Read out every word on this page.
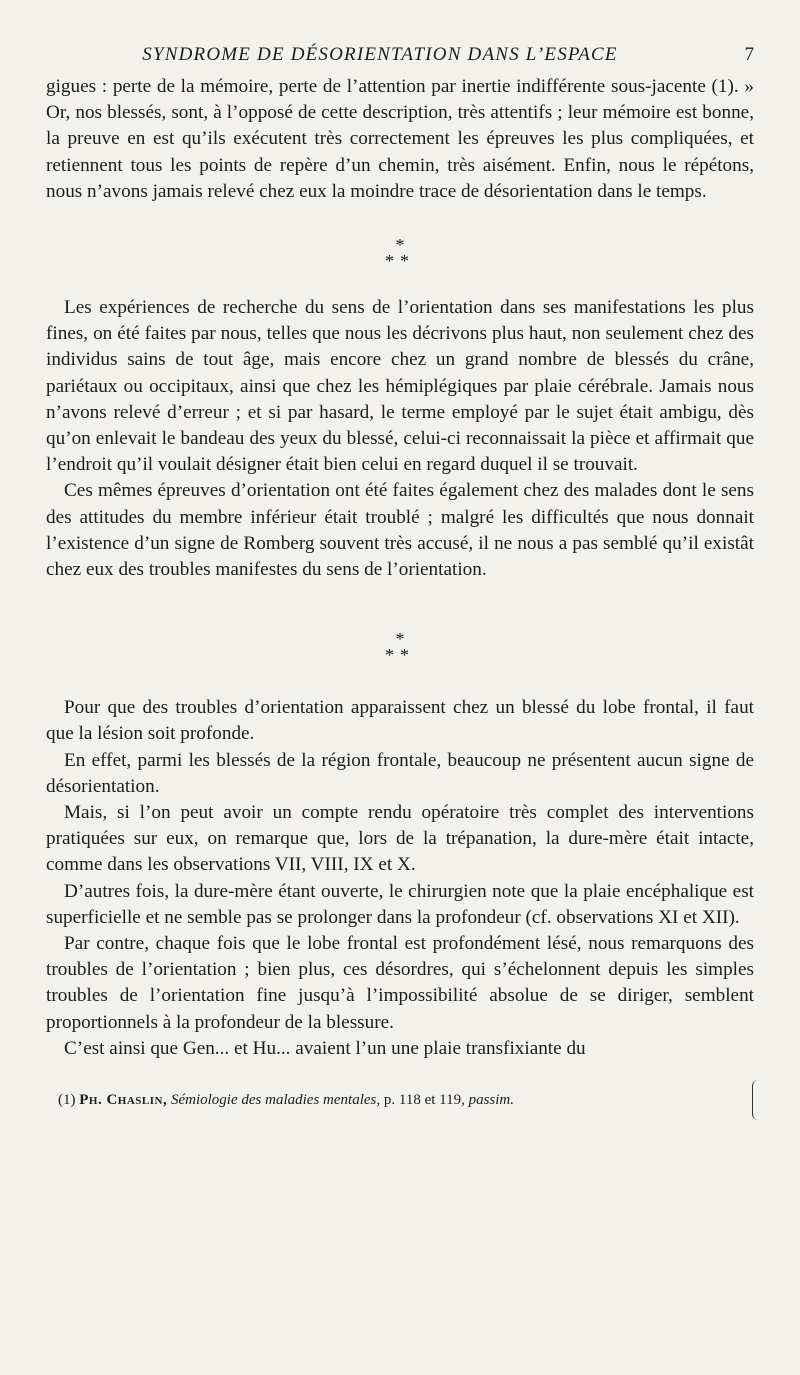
SYNDROME DE DÉSORIENTATION DANS L’ESPACE	7

gigues : perte de la mémoire, perte de l’attention par inertie indifférente sous-jacente (1). » Or, nos blessés, sont, à l’opposé de cette description, très attentifs ; leur mémoire est bonne, la preuve en est qu’ils exécutent très correctement les épreuves les plus compliquées, et retiennent tous les points de repère d’un chemin, très aisément. Enfin, nous le répétons, nous n’avons jamais relevé chez eux la moindre trace de désorientation dans le temps.

*
**

Les expériences de recherche du sens de l’orientation dans ses manifestations les plus fines, on été faites par nous, telles que nous les décrivons plus haut, non seulement chez des individus sains de tout âge, mais encore chez un grand nombre de blessés du crâne, pariétaux ou occipitaux, ainsi que chez les hémiplégiques par plaie cérébrale. Jamais nous n’avons relevé d’erreur ; et si par hasard, le terme employé par le sujet était ambigu, dès qu’on enlevait le bandeau des yeux du blessé, celui-ci reconnaissait la pièce et affirmait que l’endroit qu’il voulait désigner était bien celui en regard duquel il se trouvait.

Ces mêmes épreuves d’orientation ont été faites également chez des malades dont le sens des attitudes du membre inférieur était troublé ; malgré les difficultés que nous donnait l’existence d’un signe de Romberg souvent très accusé, il ne nous a pas semblé qu’il existât chez eux des troubles manifestes du sens de l’orientation.

*
**

Pour que des troubles d’orientation apparaissent chez un blessé du lobe frontal, il faut que la lésion soit profonde.

En effet, parmi les blessés de la région frontale, beaucoup ne présentent aucun signe de désorientation.

Mais, si l’on peut avoir un compte rendu opératoire très complet des interventions pratiquées sur eux, on remarque que, lors de la trépanation, la dure-mère était intacte, comme dans les observations VII, VIII, IX et X.

D’autres fois, la dure-mère étant ouverte, le chirurgien note que la plaie encéphalique est superficielle et ne semble pas se prolonger dans la profondeur (cf. observations XI et XII).

Par contre, chaque fois que le lobe frontal est profondément lésé, nous remarquons des troubles de l’orientation ; bien plus, ces désordres, qui s’échelonnent depuis les simples troubles de l’orientation fine jusqu’à l’impossibilité absolue de se diriger, semblent proportionnels à la profondeur de la blessure.

C’est ainsi que Gen... et Hu... avaient l’un une plaie transfixiante du

(1) Ph. Chaslin, Sémiologie des maladies mentales, p. 118 et 119, passim.
